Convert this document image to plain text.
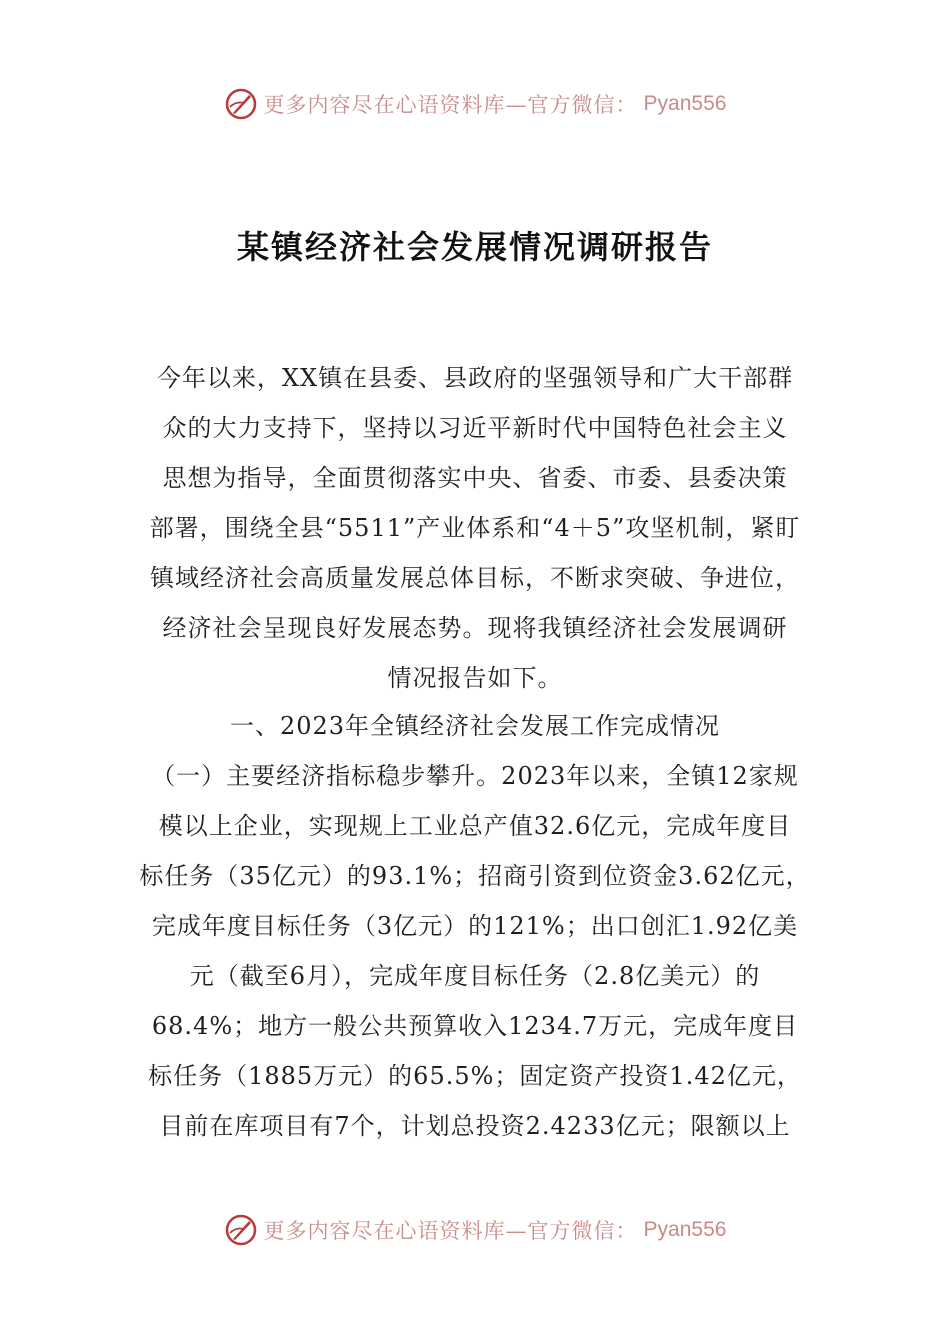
更多内容尽在心语资料库—官方微信： Pyan556
某镇经济社会发展情况调研报告
今年以来，XX镇在县委、县政府的坚强领导和广大干部群
众的大力支持下，坚持以习近平新时代中国特色社会主义
思想为指导，全面贯彻落实中央、省委、市委、县委决策
部署，围绕全县“5511”产业体系和“4＋5”攻坚机制，紧盯
镇域经济社会高质量发展总体目标，不断求突破、争进位，
经济社会呈现良好发展态势。现将我镇经济社会发展调研
情况报告如下。
一、2023年全镇经济社会发展工作完成情况
（一）主要经济指标稳步攀升。2023年以来，全镇12家规
模以上企业，实现规上工业总产值32.6亿元，完成年度目
标任务（35亿元）的93.1%；招商引资到位资金3.62亿元，
完成年度目标任务（3亿元）的121%；出口创汇1.92亿美
元（截至6月），完成年度目标任务（2.8亿美元）的
68.4%；地方一般公共预算收入1234.7万元，完成年度目
标任务（1885万元）的65.5%；固定资产投资1.42亿元，
目前在库项目有7个，计划总投资2.4233亿元；限额以上
更多内容尽在心语资料库—官方微信： Pyan556
